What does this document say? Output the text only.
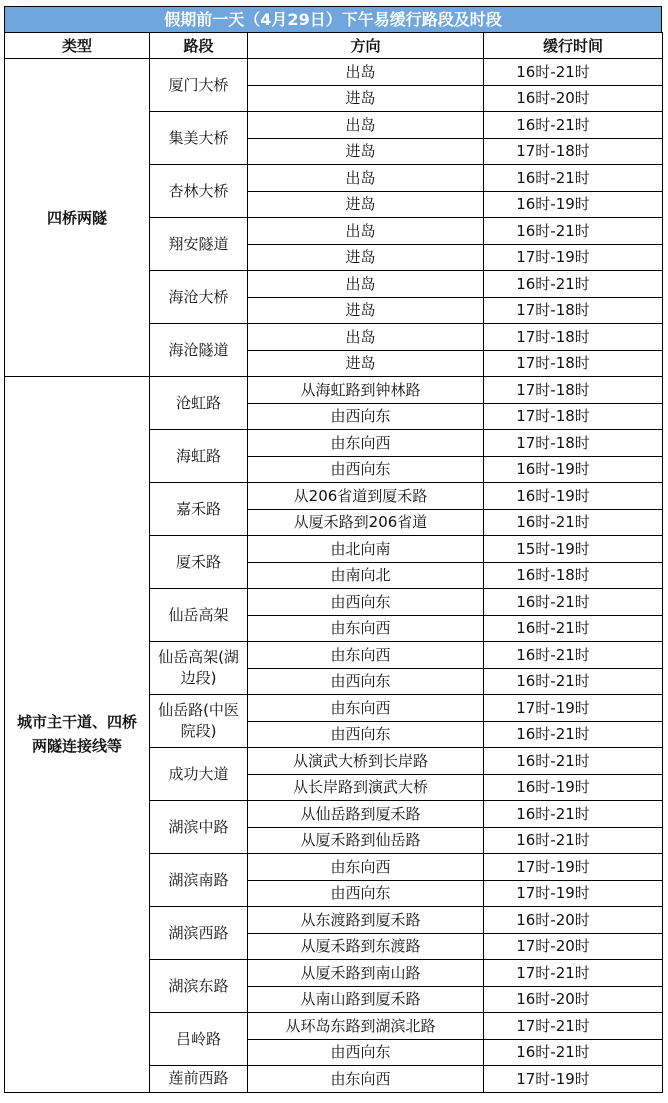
假期前一天（4月29日）下午易缓行路段及时段
类型	路段	方向	缓行时间
四桥两隧	厦门大桥	出岛	16时-21时
		进岛	16时-20时
	集美大桥	出岛	16时-21时
		进岛	17时-18时
	杏林大桥	出岛	16时-21时
		进岛	16时-19时
	翔安隧道	出岛	16时-21时
		进岛	17时-19时
	海沧大桥	出岛	16时-21时
		进岛	17时-18时
	海沧隧道	出岛	17时-18时
		进岛	17时-18时
城市主干道、四桥两隧连接线等	沧虹路	从海虹路到钟林路	17时-18时
		由西向东	17时-18时
	海虹路	由东向西	17时-18时
		由西向东	16时-19时
	嘉禾路	从206省道到厦禾路	16时-19时
		从厦禾路到206省道	16时-21时
	厦禾路	由北向南	15时-19时
		由南向北	16时-18时
	仙岳高架	由西向东	16时-21时
		由东向西	16时-21时
	仙岳高架(湖边段)	由东向西	16时-21时
		由西向东	16时-21时
	仙岳路(中医院段)	由东向西	17时-19时
		由西向东	16时-21时
	成功大道	从演武大桥到长岸路	16时-21时
		从长岸路到演武大桥	16时-19时
	湖滨中路	从仙岳路到厦禾路	16时-21时
		从厦禾路到仙岳路	16时-21时
	湖滨南路	由东向西	17时-19时
		由西向东	17时-19时
	湖滨西路	从东渡路到厦禾路	16时-20时
		从厦禾路到东渡路	17时-20时
	湖滨东路	从厦禾路到南山路	17时-21时
		从南山路到厦禾路	16时-20时
	吕岭路	从环岛东路到湖滨北路	17时-21时
		由西向东	16时-21时
	莲前西路	由东向西	17时-19时
